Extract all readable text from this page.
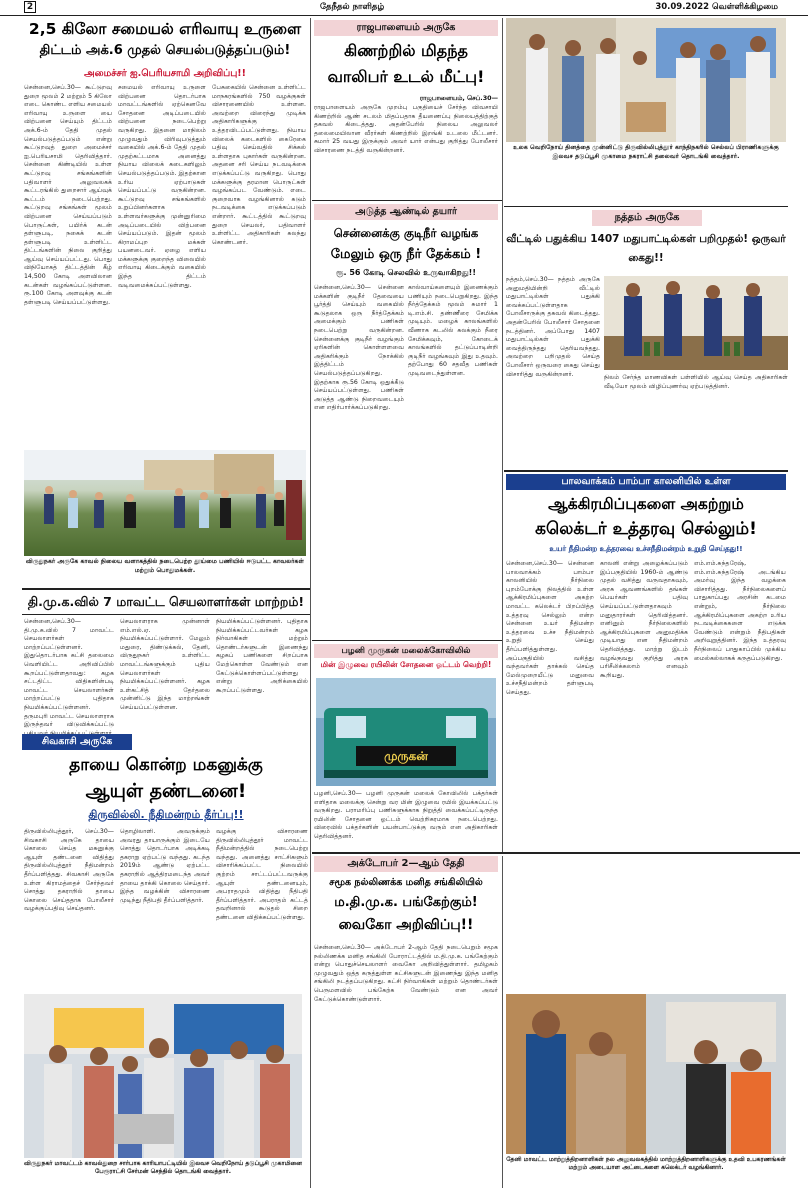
2	தேநீதல் நாளிதழ்	30.09.2022 வெள்ளிக்கிழமை
2,5 கிலோ சமையல் எரிவாயு உருளை
திட்டம் அக்.6 முதல் செயல்படுத்தப்படும்!
அமைச்சர் ஐ.பெரியசாமி அறிவிப்பு!!
சென்னை,செப்.30— கூட்டுறவு துறை மூலம் 2 மற்றும் 5 கிலோ எடை கொண்ட எளிய சமையல் எரிவாயு உருளை யை விற்பனை செய்யும் திட்டம் அக்.6-ம் தேதி முதல் செயல்படுத்தப்படும் என்று கூட்டுறவுத் துறை அமைச்சர் ஐ.பெரியசாமி தெரிவித்தார். சென்னை கிண்டியில் உள்ள கூட்டுறவு சங்கங்களின் பதிவாளர் அலுவலகக் கூட்டரங்கில் துறைசார் ஆய்வுக் கூட்டம் நடைபெற்றது. கூட்டுறவு சங்கங்கள் மூலம் விற்பனை செய்யப்படும் பொருட்கள், பயிர்க் கடன் தள்ளுபடி, நகைக் கடன் தள்ளுபடி உள்ளிட்ட திட்டங்களின் நிலை குறித்து ஆய்வு செய்யப்பட்டது. பொது விநியோகத் திட்டத்தின் கீழ் 14,500 கோடி அளவிலான கடன்கள் வழங்கப்பட்டுள்ளன. ரூ.100 கோடி அளவுக்கு கடன் தள்ளுபடி செய்யப்பட்டுள்ளது.
சமையல் எரிவாயு உருளை விற்பனை தொடர்பாக மாவட்டங்களில் ஏற்கெனவே சோதனை அடிப்படையில் விற்பனை நடைபெற்று வருகிறது. இதனை மாநிலம் முழுவதும் விரிவுபடுத்தும் வகையில் அக்.6-ம் தேதி முதல் முதற்கட்டமாக அனைத்து நியாய விலைக் கடைகளிலும் செயல்படுத்தப்படும். இதற்கான உரிய ஏற்பாடுகள் செய்யப்பட்டு வருகின்றன. கூட்டுறவு சங்கங்களில் உறுப்பினர்களாக உள்ளவர்களுக்கு முன்னுரிமை அடிப்படையில் விற்பனை செய்யப்படும். இதன் மூலம் கிராமப்புற மக்கள் பயனடைவர். ஏழை எளிய மக்களுக்கு குறைந்த விலையில் எரிவாயு கிடைக்கும் வகையில் இந்த திட்டம் வடிவமைக்கப்பட்டுள்ளது.
பேசுகையில் சென்னை உள்ளிட்ட மாநகரங்களில் 750 வழக்குகள் விசாரணையில் உள்ளன. அவற்றை விரைந்து முடிக்க அதிகாரிகளுக்கு உத்தரவிடப்பட்டுள்ளது. நியாய விலைக் கடைகளில் கைரேகை பதிவு செய்வதில் சிக்கல் உள்ளதாக புகார்கள் வருகின்றன. அதனை சரி செய்ய நடவடிக்கை எடுக்கப்பட்டு வருகிறது. பொது மக்களுக்கு தரமான பொருட்கள் வழங்கப்பட வேண்டும். எடை குறைவாக வழங்கினால் கடும் நடவடிக்கை எடுக்கப்படும் என்றார். கூட்டத்தில் கூட்டுறவு துறை செயலர், பதிவாளர் உள்ளிட்ட அதிகாரிகள் கலந்து கொண்டனர்.
விருதுநகர் அருகே காவல் நிலைய வளாகத்தில் நடைபெற்ற தூய்மை பணியில் ஈடுபட்ட காவலர்கள் மற்றும் பொதுமக்கள்.
தி.மு.க.வில் 7 மாவட்ட செயலாளர்கள் மாற்றம்!
சென்னை,செப்.30— தி.மு.க.வில் 7 மாவட்ட செயலாளர்கள் மாற்றப்பட்டுள்ளனர். இதுதொடர்பாக கட்சி தலைமை வெளியிட்ட அறிவிப்பில் கூறப்பட்டுள்ளதாவது: கழக சட்டதிட்ட விதிகளின்படி மாவட்ட செயலாளர்கள் மாற்றப்பட்டு புதிதாக நியமிக்கப்பட்டுள்ளனர். தருமபுரி மாவட்ட செயலாளராக இருந்தவர் விடுவிக்கப்பட்டு
செயலாளராக முன்னாள் எம்.எல்.ஏ. நியமிக்கப்பட்டுள்ளார். மேலும் மதுரை, திண்டுக்கல், தேனி, விருதுநகர் உள்ளிட்ட மாவட்டங்களுக்கும் புதிய செயலாளர்கள் நியமிக்கப்பட்டுள்ளனர். கழக உள்கட்சித் தேர்தலை முன்னிட்டு இந்த மாற்றங்கள் செய்யப்பட்டுள்ளன.
நியமிக்கப்பட்டுள்ளனர். புதிதாக நியமிக்கப்பட்டவர்கள் கழக நிர்வாகிகள் மற்றும் தொண்டர்களுடன் இணைந்து கழகப் பணிகளை சிறப்பாக மேற்கொள்ள வேண்டும் என கேட்டுக்கொள்ளப்பட்டுள்ளது என்று அறிக்கையில் கூறப்பட்டுள்ளது.
சிவகாசி அருகே
தாயை கொன்ற மகனுக்கு
ஆயுள் தண்டனை!
திருவில்லி. நீதிமன்றம் தீர்ப்பு!!
திருவில்லிபுத்தூர், செப்.30— சிவகாசி அருகே தாயை கொலை செய்த மகனுக்கு ஆயுள் தண்டனை விதித்து திருவில்லிபுத்தூர் நீதிமன்றம் தீர்ப்பளித்தது. சிவகாசி அருகே உள்ள கிராமத்தைச் சேர்ந்தவர் சொத்து தகராறில் தாயை கொலை செய்ததாக போலீசார் வழக்குப்பதிவு செய்தனர்.
தொழிலாளி. அவருக்கும் அவரது தாயாருக்கும் இடையே சொத்து தொடர்பாக அடிக்கடி தகராறு ஏற்பட்டு வந்தது. கடந்த 2019ம் ஆண்டு ஏற்பட்ட தகராறில் ஆத்திரமடைந்த அவர் தாயை தாக்கி கொலை செய்தார். இந்த வழக்கின் விசாரணை முடிந்து நீதிபதி தீர்ப்பளித்தார்.
வழக்கு விசாரணை திருவில்லிபுத்தூர் மாவட்ட நீதிமன்றத்தில் நடைபெற்று வந்தது. அனைத்து சாட்சிகளும் விசாரிக்கப்பட்ட நிலையில் குற்றம் சாட்டப்பட்டவருக்கு ஆயுள் தண்டனையும், அபராதமும் விதித்து நீதிபதி தீர்ப்பளித்தார். அபராதம் கட்டத் தவறினால் கூடுதல் சிறை தண்டனை விதிக்கப்பட்டுள்ளது.
விருதுநகர் மாவட்டம் காவல்துறை சார்பாக காரியாபட்டியில் இலவச வெறிநோய் தடுப்பூசி முகாமினை பேரூராட்சி சேர்மன் செந்தில் தொடங்கி வைத்தார்.
ராஜபாளையம் அருகே
கிணற்றில் மிதந்த
வாலிபர் உடல் மீட்பு!
ராஜபாளையம், செப்.30—
ராஜபாளையம் அருகே முறம்பு பகுதியைச் சேர்ந்த விவசாயி கிணற்றில் ஆண் சடலம் மிதப்பதாக தீயணைப்பு நிலையத்திற்குத் தகவல் கிடைத்தது. அதன்பேரில் நிலைய அலுவலர் தலைமையிலான வீரர்கள் கிணற்றில் இறங்கி உடலை மீட்டனர். சுமார் 25 வயது இருக்கும் அவர் யார் என்பது குறித்து போலீசார் விசாரணை நடத்தி வருகின்றனர்.
அடுத்த ஆண்டில் தயார்
சென்னைக்கு குடிநீர் வழங்க
மேலும் ஒரு நீர் தேக்கம் !
ரூ. 56 கோடி செலவில் உருவாகிறது!!
சென்னை,செப்.30— சென்னை மக்களின் குடிநீர் தேவையை பூர்த்தி செய்யும் வகையில் கூடுதலாக ஒரு நீர்த்தேக்கம் அமைக்கும் பணிகள் நடைபெற்று வருகின்றன. சென்னைக்கு குடிநீர் வழங்கும் ஏரிகளின் கொள்ளளவை அதிகரிக்கும் நோக்கில் இத்திட்டம் செயல்படுத்தப்படுகிறது. இதற்காக ரூ.56 கோடி ஒதுக்கீடு செய்யப்பட்டுள்ளது. பணிகள் அடுத்த ஆண்டு நிறைவடையும் என எதிர்பார்க்கப்படுகிறது.
கால்வாய்களையும் இணைக்கும் பணியும் நடைபெறுகிறது. இந்த நீர்த்தேக்கம் மூலம் சுமார் 1 டி.எம்.சி. தண்ணீரை சேமிக்க முடியும். மழைக் காலங்களில் வீணாக கடலில் கலக்கும் நீரை சேமிக்கவும், கோடைக் காலங்களில் தட்டுப்பாடின்றி குடிநீர் வழங்கவும் இது உதவும். தற்போது 60 சதவீத பணிகள் முடிவடைந்துள்ளன.
பழனி முருகன் மலைக்கோவிலில்
மின் இழுவை ரயிலின் சோதனை ஓட்டம் வெற்றி!
முருகன்
பழனி,செப்.30— பழனி முருகன் மலைக் கோவிலில் பக்தர்கள் எளிதாக மலைக்கு சென்று வர மின் இழுவை ரயில் இயக்கப்பட்டு வருகிறது. பராமரிப்பு பணிகளுக்காக நிறுத்தி வைக்கப்பட்டிருந்த ரயிலின் சோதனை ஓட்டம் வெற்றிகரமாக நடைபெற்றது. விரைவில் பக்தர்களின் பயன்பாட்டுக்கு வரும் என அதிகாரிகள் தெரிவித்தனர்.
அக்டோபர் 2—ஆம் தேதி
சமூக நல்லிணக்க மனித சங்கிலியில்
ம.தி.மு.க. பங்கேற்கும்!
வைகோ அறிவிப்பு!!
சென்னை,செப்.30— அக்டோபர் 2-ஆம் தேதி நடைபெறும் சமூக நல்லிணக்க மனித சங்கிலி போராட்டத்தில் ம.தி.மு.க. பங்கேற்கும் என்று பொதுச்செயலாளர் வைகோ அறிவித்துள்ளார். தமிழகம் முழுவதும் ஒத்த கருத்துள்ள கட்சிகளுடன் இணைந்து இந்த மனித சங்கிலி நடத்தப்படுகிறது. கட்சி நிர்வாகிகள் மற்றும் தொண்டர்கள் பெருமளவில் பங்கேற்க வேண்டும் என அவர் கேட்டுக்கொண்டுள்ளார்.
உலக வெறிநோய் தினத்தை முன்னிட்டு திருவில்லிபுத்தூர் காந்திநகரில் செல்லப் பிராணிகளுக்கு இலவச தடுப்பூசி முகாமை நகராட்சி தலைவர் தொடங்கி வைத்தார்.
நத்தம் அருகே
வீட்டில் பதுக்கிய 1407 மதுபாட்டில்கள் பறிமுதல்! ஒருவர் கைது!!
நத்தம்,செப்.30— நத்தம் அருகே அனுமதியின்றி வீட்டில் மதுபாட்டில்கள் பதுக்கி வைக்கப்பட்டுள்ளதாக போலீசாருக்கு தகவல் கிடைத்தது. அதன்பேரில் போலீசார் சோதனை நடத்தினர். அப்போது 1407 மதுபாட்டில்கள் பதுக்கி வைத்திருந்தது தெரியவந்தது. அவற்றை பறிமுதல் செய்த போலீசார் ஒருவரை கைது செய்து விசாரித்து வருகின்றனர்.	நிலம் சேர்ந்த மாணவிகள் பள்ளியில் ஆய்வு செய்த அதிகாரிகள் வீடியோ மூலம் விழிப்புணர்வு ஏற்படுத்தினர்.
பாலவாக்கம் பாம்பா காலனியில் உள்ள
ஆக்கிரமிப்புகளை அகற்றும்
கலெக்டர் உத்தரவு செல்லும்!
உயர் நீதிமன்ற உத்தரவை உச்சநீதிமன்றம் உறுதி செய்தது!!
சென்னை,செப்.30— சென்னை பாலவாக்கம் பாம்பா காலனியில் நீர்நிலை புறம்போக்கு நிலத்தில் உள்ள ஆக்கிரமிப்புகளை அகற்ற மாவட்ட கலெக்டர் பிறப்பித்த உத்தரவு செல்லும் என்ற சென்னை உயர் நீதிமன்ற உத்தரவை உச்ச நீதிமன்றம் உறுதி செய்து தீர்ப்பளித்துள்ளது. அப்பகுதியில் வசித்து வந்தவர்கள் தாக்கல் செய்த மேல்முறையீட்டு மனுவை உச்சநீதிமன்றம் தள்ளுபடி செய்தது.
காலனி என்று அழைக்கப்படும் இப்பகுதியில் 1960-ம் ஆண்டு முதல் வசித்து வருவதாகவும், அரசு ஆவணங்களில் தங்கள் பெயர்கள் பதிவு செய்யப்பட்டுள்ளதாகவும் மனுதாரர்கள் தெரிவித்தனர். எனினும் நீர்நிலைகளில் ஆக்கிரமிப்புகளை அனுமதிக்க முடியாது என நீதிமன்றம் தெரிவித்தது. மாற்று இடம் வழங்குவது குறித்து அரசு பரிசீலிக்கலாம் எனவும் கூறியது.
எம்.எம்.சுந்தரேஷ், எம்.எம்.சுந்தரேஷ் அடங்கிய அமர்வு இந்த வழக்கை விசாரித்தது. நீர்நிலைகளைப் பாதுகாப்பது அரசின் கடமை என்றும், நீர்நிலை ஆக்கிரமிப்புகளை அகற்ற உரிய நடவடிக்கைகளை எடுக்க வேண்டும் என்றும் நீதிபதிகள் அறிவுறுத்தினர். இந்த உத்தரவு நீர்நிலைப் பாதுகாப்பில் முக்கிய மைல்கல்லாகக் கருதப்படுகிறது.
தேனி மாவட்ட மாற்றுத்திறனாளிகள் நல அலுவலகத்தில் மாற்றுத்திறனாளிகளுக்கு உதவி உபகரணங்கள் மற்றும் அடையாள அட்டைகளை கலெக்டர் வழங்கினார்.
